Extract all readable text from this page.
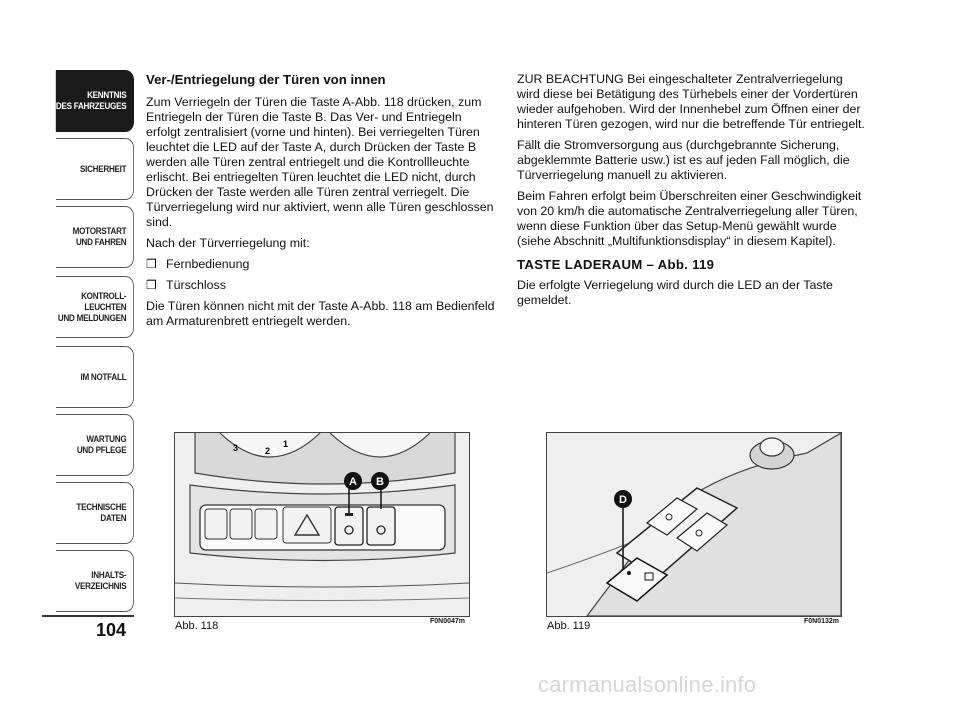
KENNTNIS
DES FAHRZEUGES
SICHERHEIT
MOTORSTART
UND FAHREN
KONTROLL-
LEUCHTEN
UND MELDUNGEN
IM NOTFALL
WARTUNG
UND PFLEGE
TECHNISCHE
DATEN
INHALTS-
VERZEICHNIS
104
Ver-/Entriegelung der Türen von innen

Zum Verriegeln der Türen die Taste A-Abb. 118 drücken, zum Entriegeln der Türen die Taste B. Das Ver- und Entriegeln erfolgt zentralisiert (vorne und hinten). Bei verriegelten Türen leuchtet die LED auf der Taste A, durch Drücken der Taste B werden alle Türen zentral entriegelt und die Kontrollleuchte erlischt. Bei entriegelten Türen leuchtet die LED nicht, durch Drücken der Taste werden alle Türen zentral verriegelt. Die Türverriegelung wird nur aktiviert, wenn alle Türen geschlossen sind.

Nach der Türverriegelung mit:

❒ Fernbedienung
❒ Türschloss

Die Türen können nicht mit der Taste A-Abb. 118 am Bedienfeld am Armaturenbrett entriegelt werden.

ZUR BEACHTUNG Bei eingeschalteter Zentralverriegelung wird diese bei Betätigung des Türhebels einer der Vordertüren wieder aufgehoben. Wird der Innenhebel zum Öffnen einer der hinteren Türen gezogen, wird nur die betreffende Tür entriegelt.

Fällt die Stromversorgung aus (durchgebrannte Sicherung, abgeklemmte Batterie usw.) ist es auf jeden Fall möglich, die Türverriegelung manuell zu aktivieren.

Beim Fahren erfolgt beim Überschreiten einer Geschwindigkeit von 20 km/h die automatische Zentralverriegelung aller Türen, wenn diese Funktion über das Setup-Menü gewählt wurde (siehe Abschnitt „Multifunktionsdisplay“ in diesem Kapitel).

TASTE LADERAUM – Abb. 119

Die erfolgte Verriegelung wird durch die LED an der Taste gemeldet.

3	2
1
A B
Abb. 118	F0N0047m
D
Abb. 119	F0N0132m
carmanualsonline.info
